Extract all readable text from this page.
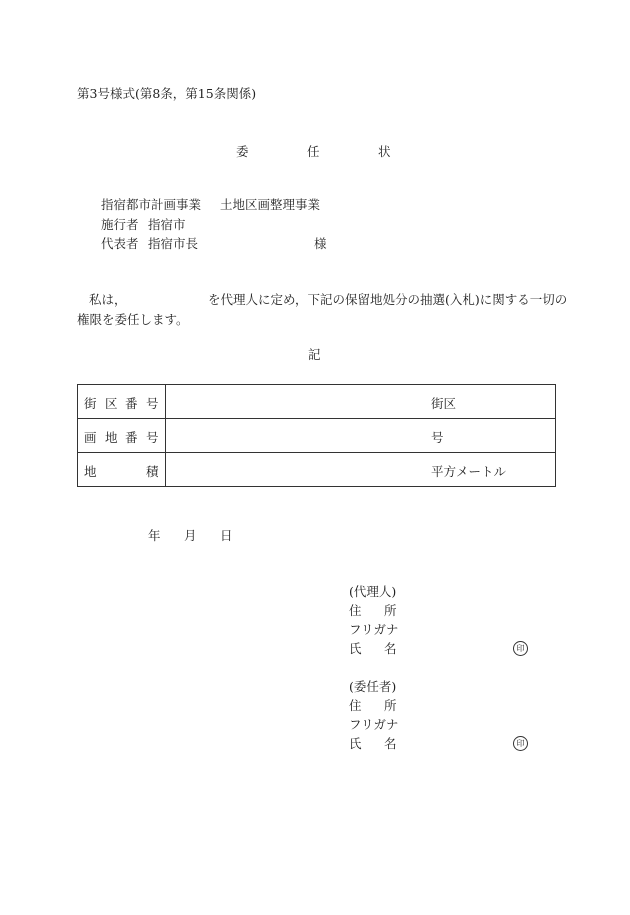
第3号様式(第8条，第15条関係)
委	任	状
指宿都市計画事業 土地区画整理事業
施行者 指宿市
代表者 指宿市長	様
私は，	を代理人に定め，下記の保留地処分の抽選(入札)に関する一切の
権限を委任します。
記
街 区 番 号	街区

画 地 番 号	号

地 積	平方メートル
年 月 日
(代理人)
住 所
フリガナ
氏 名	印
(委任者)
住 所
フリガナ
氏 名	印
